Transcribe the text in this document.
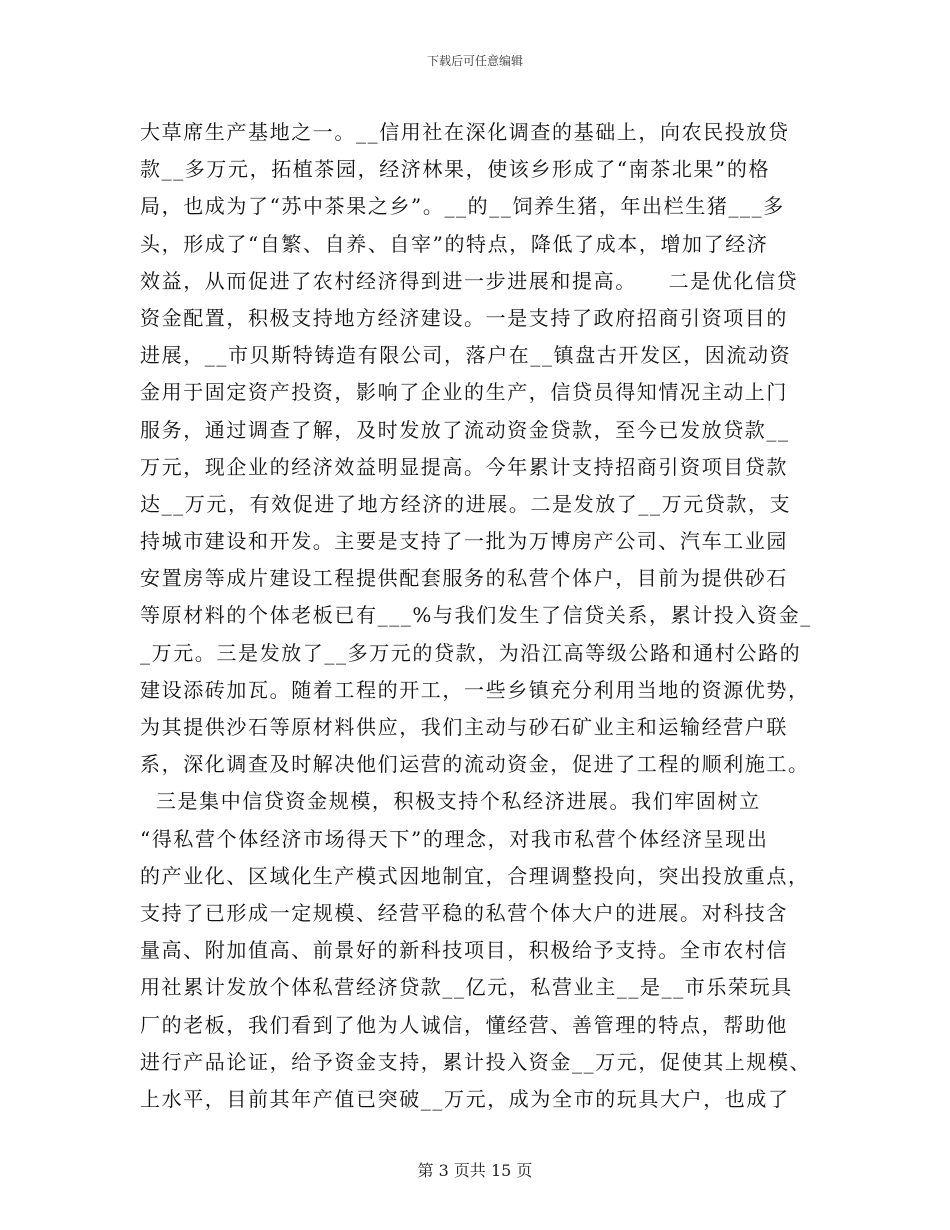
下载后可任意编辑
大草席生产基地之一。__信用社在深化调查的基础上，向农民投放贷
款__多万元，拓植茶园，经济林果，使该乡形成了“南茶北果”的格
局，也成为了“苏中茶果之乡”。__的__饲养生猪，年出栏生猪___多
头，形成了“自繁、自养、自宰”的特点，降低了成本，增加了经济
效益，从而促进了农村经济得到进一步进展和提高。    二是优化信贷
资金配置，积极支持地方经济建设。一是支持了政府招商引资项目的
进展，__市贝斯特铸造有限公司，落户在__镇盘古开发区，因流动资
金用于固定资产投资，影响了企业的生产，信贷员得知情况主动上门
服务，通过调查了解，及时发放了流动资金贷款，至今已发放贷款__
万元，现企业的经济效益明显提高。今年累计支持招商引资项目贷款
达__万元，有效促进了地方经济的进展。二是发放了__万元贷款，支
持城市建设和开发。主要是支持了一批为万博房产公司、汽车工业园
安置房等成片建设工程提供配套服务的私营个体户，目前为提供砂石
等原材料的个体老板已有___%与我们发生了信贷关系，累计投入资金_
_万元。三是发放了__多万元的贷款，为沿江高等级公路和通村公路的
建设添砖加瓦。随着工程的开工，一些乡镇充分利用当地的资源优势，
为其提供沙石等原材料供应，我们主动与砂石矿业主和运输经营户联
系，深化调查及时解决他们运营的流动资金，促进了工程的顺利施工。
三是集中信贷资金规模，积极支持个私经济进展。我们牢固树立
“得私营个体经济市场得天下”的理念，对我市私营个体经济呈现出
的产业化、区域化生产模式因地制宜，合理调整投向，突出投放重点，
支持了已形成一定规模、经营平稳的私营个体大户的进展。对科技含
量高、附加值高、前景好的新科技项目，积极给予支持。全市农村信
用社累计发放个体私营经济贷款__亿元，私营业主__是__市乐荣玩具
厂的老板，我们看到了他为人诚信，懂经营、善管理的特点，帮助他
进行产品论证，给予资金支持，累计投入资金__万元，促使其上规模、
上水平，目前其年产值已突破__万元，成为全市的玩具大户，也成了
第 3 页共 15 页
